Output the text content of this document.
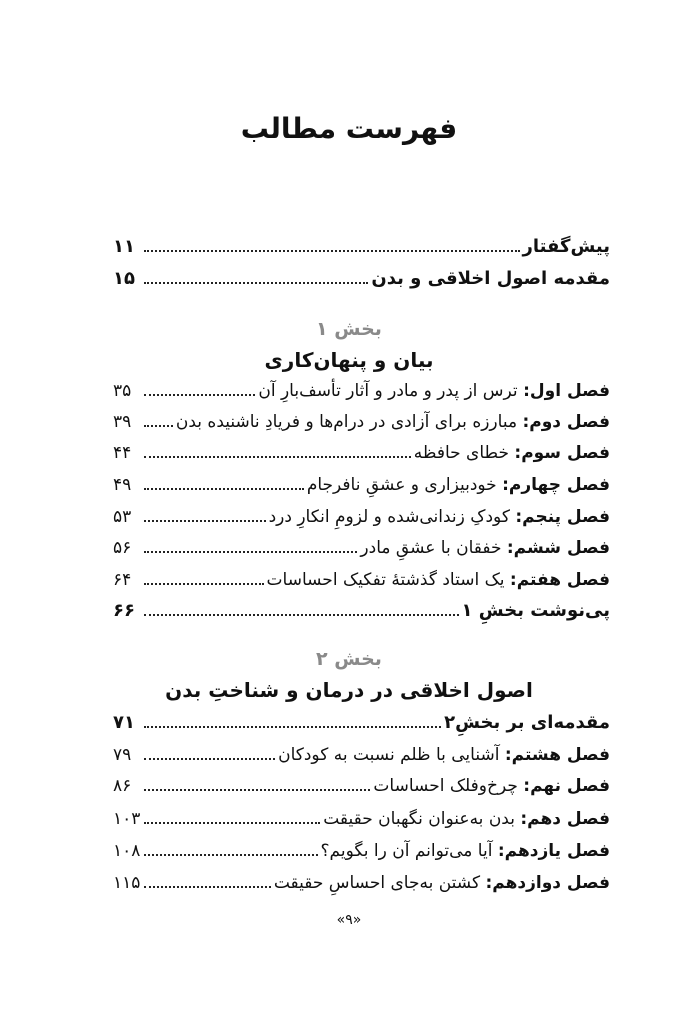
فهرست مطالب
پیش‌گفتار
۱۱
مقدمه اصول اخلاقی و بدن
۱۵
بخش ۱
بیان و پنهان‌کاری
فصل اول: ترس از پدر و مادر و آثار تأسف‌بارِ آن
۳۵
فصل دوم: مبارزه برای آزادی در درام‌ها و فریادِ ناشنیده بدن
۳۹
فصل سوم: خطای حافظه
۴۴
فصل چهارم: خودبیزاری و عشقِ نافرجام
۴۹
فصل پنجم: کودکِ زندانی‌شده و لزومِ انکارِ درد
۵۳
فصل ششم: خفقان با عشقِ مادر
۵۶
فصل هفتم: یک استاد گذشتهٔ تفکیک احساسات
۶۴
پی‌نوشت بخشِ ۱
۶۶
بخش ۲
اصول اخلاقی در درمان و شناختِ بدن
مقدمه‌ای بر بخشِ۲
۷۱
فصل هشتم: آشنایی با ظلم نسبت به کودکان
۷۹
فصل نهم: چرخ‌وفلک احساسات
۸۶
فصل دهم: بدن به‌عنوان نگهبان حقیقت
۱۰۳
فصل یازدهم: آیا می‌توانم آن را بگویم؟
۱۰۸
فصل دوازدهم: کشتن به‌جای احساسِ حقیقت
۱۱۵
«۹»
